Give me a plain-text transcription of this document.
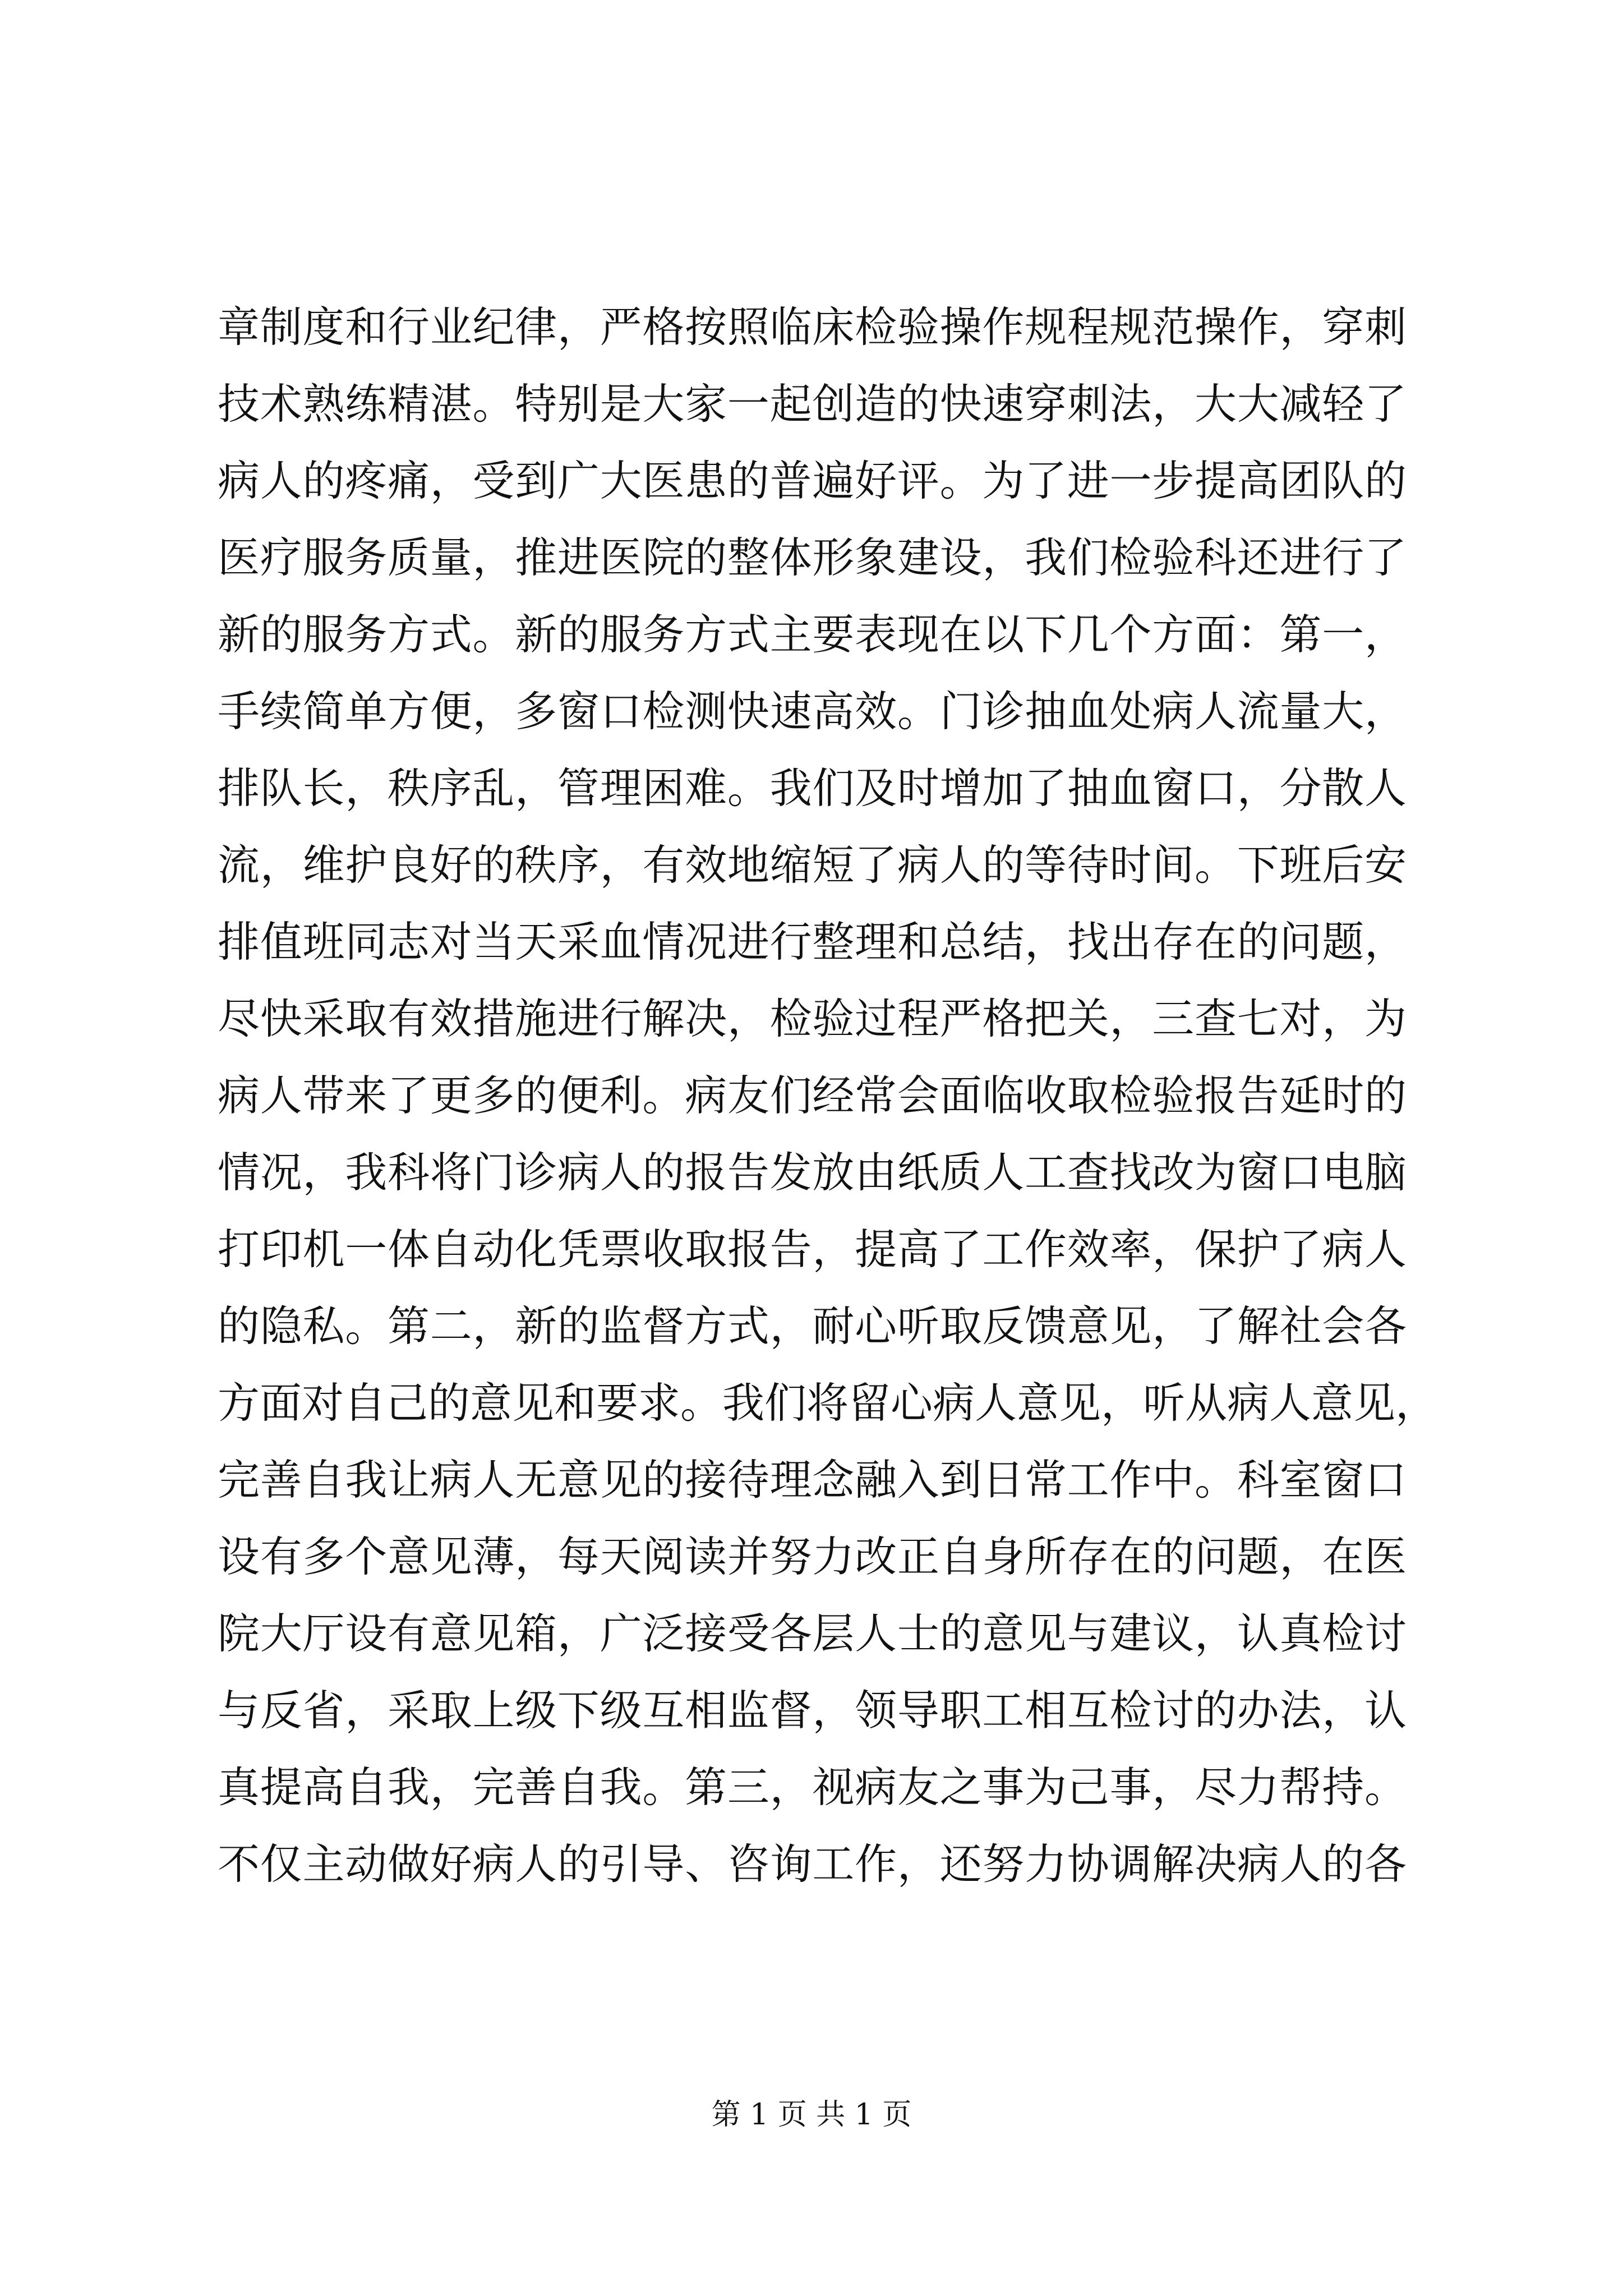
章制度和行业纪律，严格按照临床检验操作规程规范操作，穿刺
技术熟练精湛。特别是大家一起创造的快速穿刺法，大大减轻了
病人的疼痛，受到广大医患的普遍好评。为了进一步提高团队的
医疗服务质量，推进医院的整体形象建设，我们检验科还进行了
新的服务方式。新的服务方式主要表现在以下几个方面：第一，
手续简单方便，多窗口检测快速高效。门诊抽血处病人流量大，
排队长，秩序乱，管理困难。我们及时增加了抽血窗口，分散人
流，维护良好的秩序，有效地缩短了病人的等待时间。下班后安
排值班同志对当天采血情况进行整理和总结，找出存在的问题，
尽快采取有效措施进行解决，检验过程严格把关，三查七对，为
病人带来了更多的便利。病友们经常会面临收取检验报告延时的
情况，我科将门诊病人的报告发放由纸质人工查找改为窗口电脑
打印机一体自动化凭票收取报告，提高了工作效率，保护了病人
的隐私。第二，新的监督方式，耐心听取反馈意见，了解社会各
方面对自己的意见和要求。我们将留心病人意见，听从病人意见，
完善自我让病人无意见的接待理念融入到日常工作中。科室窗口
设有多个意见薄，每天阅读并努力改正自身所存在的问题，在医
院大厅设有意见箱，广泛接受各层人士的意见与建议，认真检讨
与反省，采取上级下级互相监督，领导职工相互检讨的办法，认
真提高自我，完善自我。第三，视病友之事为己事，尽力帮持。
不仅主动做好病人的引导、咨询工作，还努力协调解决病人的各
第 1 页 共 1 页
